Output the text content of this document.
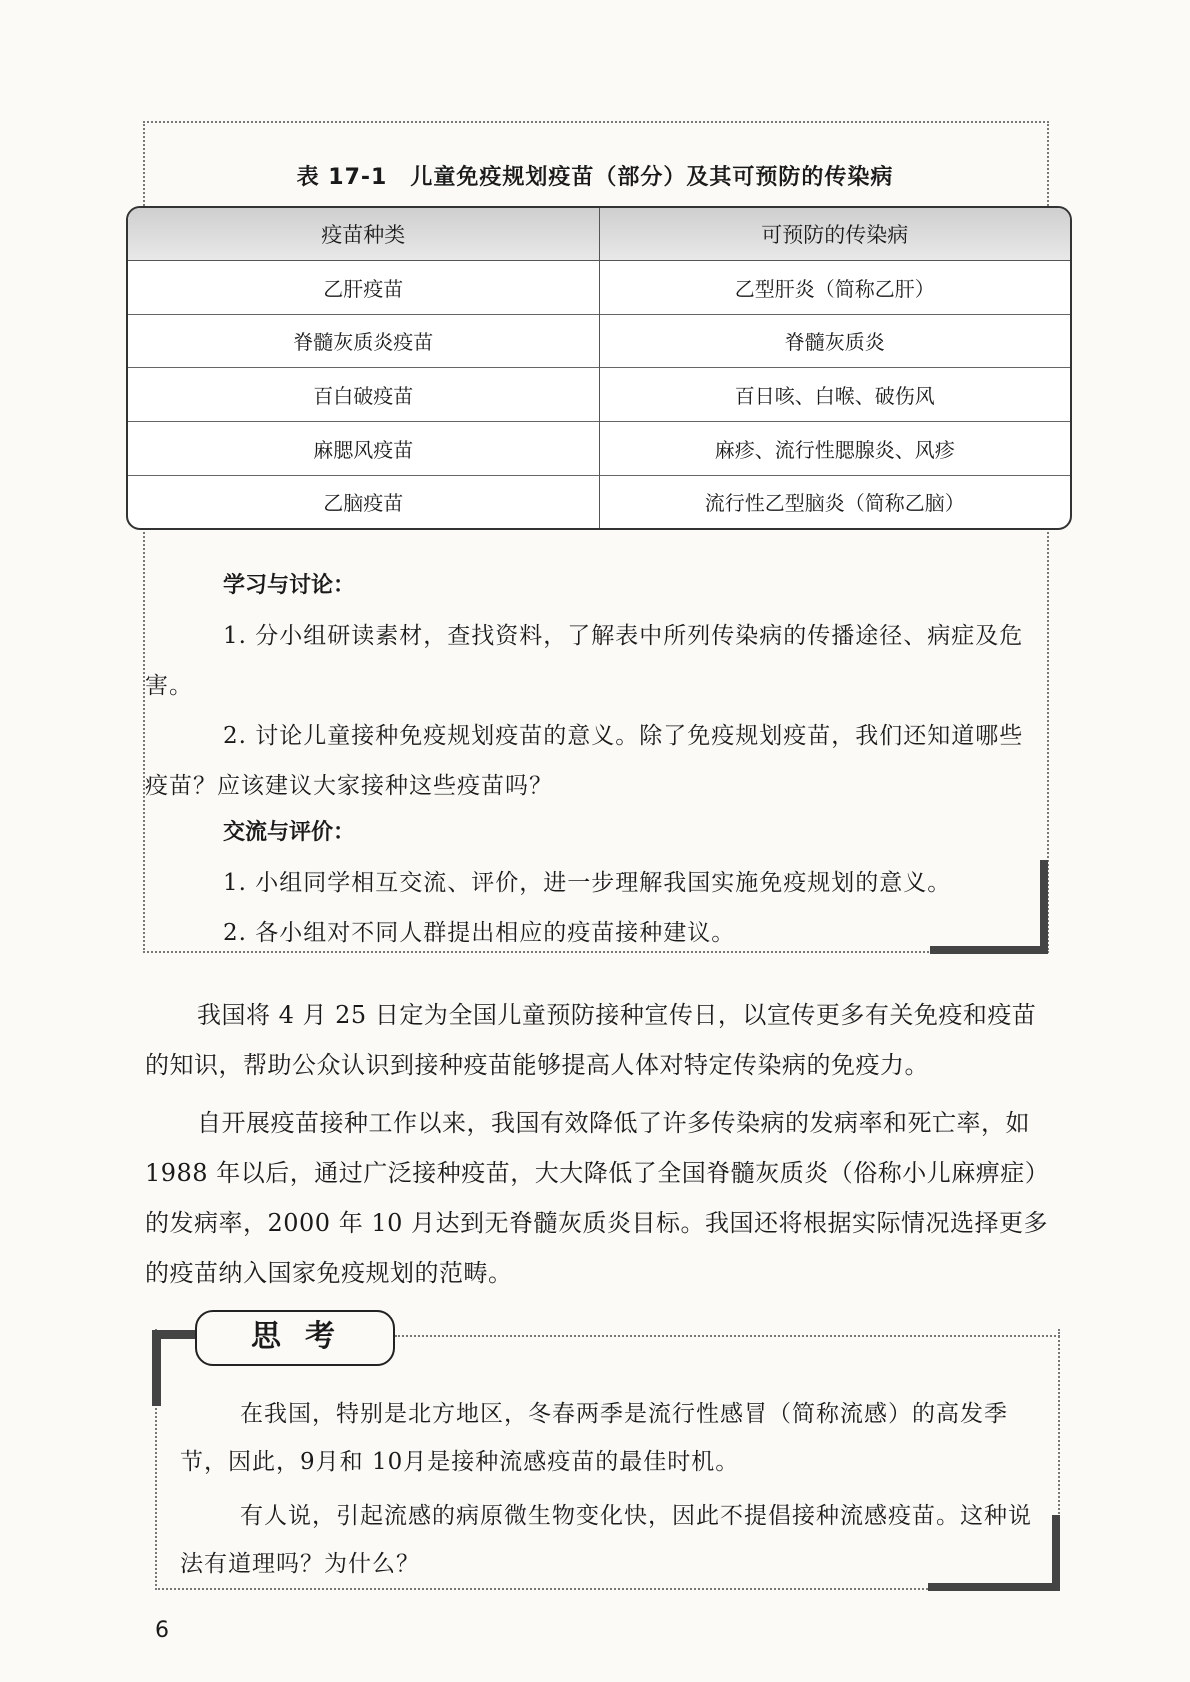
表 17-1　儿童免疫规划疫苗（部分）及其可预防的传染病
疫苗种类	可预防的传染病
乙肝疫苗	乙型肝炎（简称乙肝）
脊髓灰质炎疫苗	脊髓灰质炎
百白破疫苗	百日咳、白喉、破伤风
麻腮风疫苗	麻疹、流行性腮腺炎、风疹
乙脑疫苗	流行性乙型脑炎（简称乙脑）
学习与讨论：

1. 分小组研读素材，查找资料，了解表中所列传染病的传播途径、病症及危害。

2. 讨论儿童接种免疫规划疫苗的意义。除了免疫规划疫苗，我们还知道哪些疫苗？应该建议大家接种这些疫苗吗？

交流与评价：

1. 小组同学相互交流、评价，进一步理解我国实施免疫规划的意义。

2. 各小组对不同人群提出相应的疫苗接种建议。

我国将 4 月 25 日定为全国儿童预防接种宣传日，以宣传更多有关免疫和疫苗的知识，帮助公众认识到接种疫苗能够提高人体对特定传染病的免疫力。

自开展疫苗接种工作以来，我国有效降低了许多传染病的发病率和死亡率，如 1988 年以后，通过广泛接种疫苗，大大降低了全国脊髓灰质炎（俗称小儿麻痹症）的发病率，2000 年 10 月达到无脊髓灰质炎目标。我国还将根据实际情况选择更多的疫苗纳入国家免疫规划的范畴。

思考

在我国，特别是北方地区，冬春两季是流行性感冒（简称流感）的高发季节，因此，9月和 10月是接种流感疫苗的最佳时机。

有人说，引起流感的病原微生物变化快，因此不提倡接种流感疫苗。这种说法有道理吗？为什么？

6
